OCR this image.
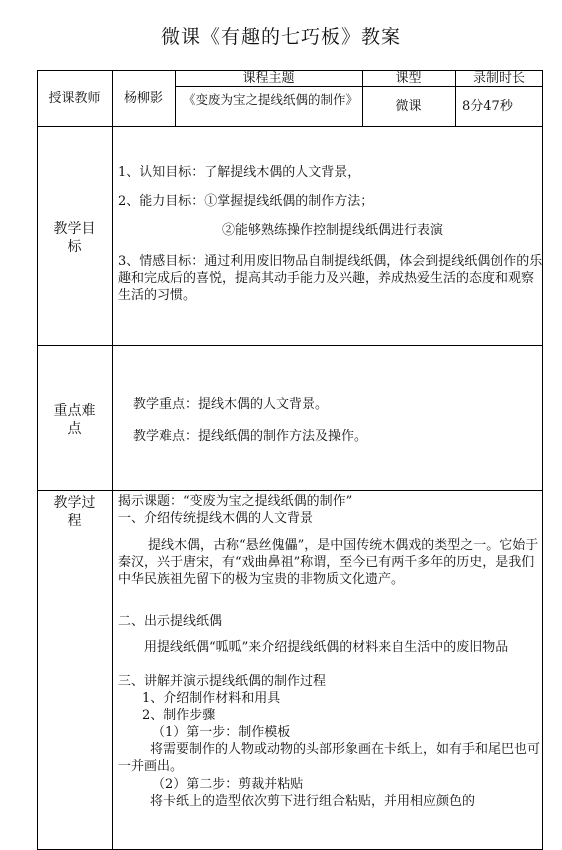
微课《有趣的七巧板》教案
授课教师	杨柳影
课程主题
《变废为宝之提线纸偶的制作》
课型
微课
录制时长
8分47秒
教学目标
1、认知目标：了解提线木偶的人文背景，
2、能力目标：①掌握提线纸偶的制作方法；
②能够熟练操作控制提线纸偶进行表演
3、情感目标：通过利用废旧物品自制提线纸偶，体会到提线纸偶创作的乐趣和完成后的喜悦，提高其动手能力及兴趣，养成热爱生活的态度和观察生活的习惯。
重点难点
教学重点：提线木偶的人文背景。
教学难点：提线纸偶的制作方法及操作。
教学过程
揭示课题：“变废为宝之提线纸偶的制作”
一、介绍传统提线木偶的人文背景
提线木偶，古称“悬丝傀儡”，是中国传统木偶戏的类型之一。它始于秦汉，兴于唐宋，有“戏曲鼻祖”称谓，至今已有两千多年的历史，是我们中华民族祖先留下的极为宝贵的非物质文化遗产。
二、出示提线纸偶
用提线纸偶“呱呱”来介绍提线纸偶的材料来自生活中的废旧物品
三、讲解并演示提线纸偶的制作过程
1、介绍制作材料和用具
2、制作步骤
（1）第一步：制作模板
将需要制作的人物或动物的头部形象画在卡纸上，如有手和尾巴也可一并画出。
（2）第二步：剪裁并粘贴
将卡纸上的造型依次剪下进行组合粘贴，并用相应颜色的
